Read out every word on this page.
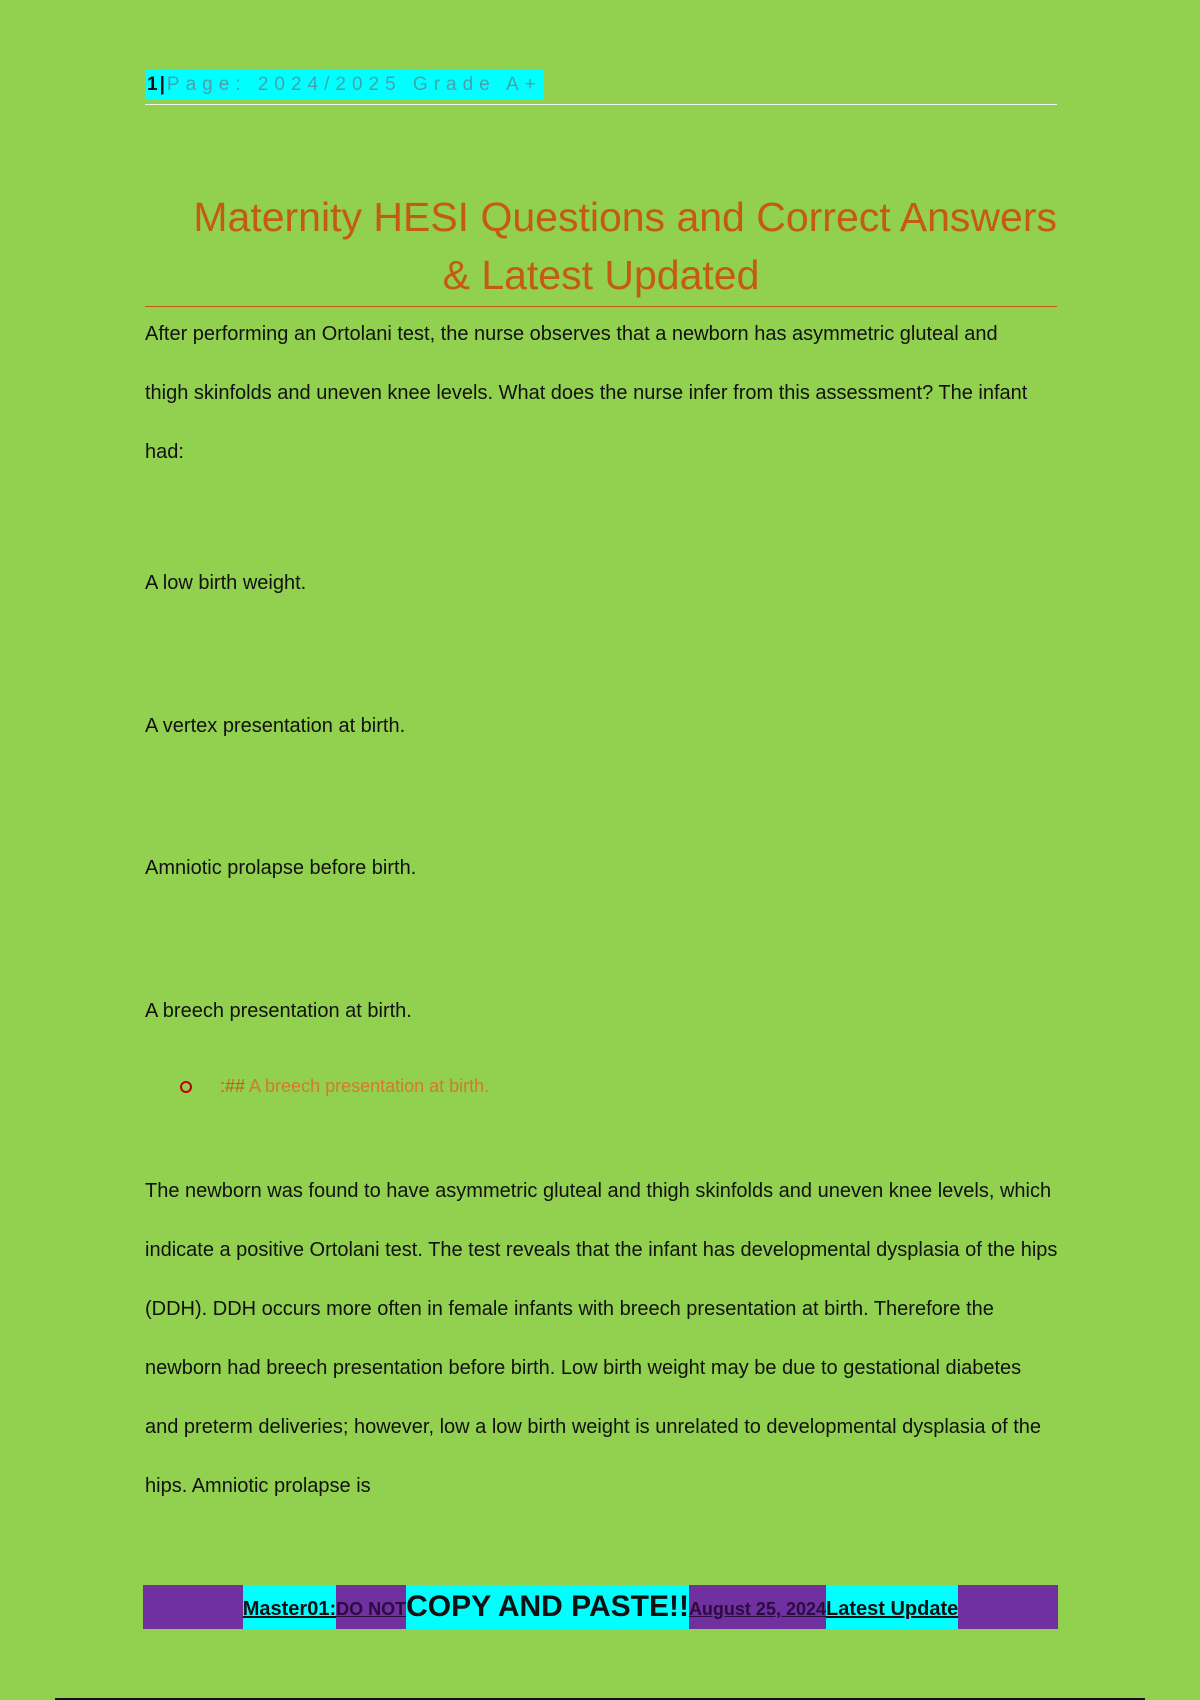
1|Page: 2024/2025 Grade A+
Maternity HESI Questions and Correct Answers
& Latest Updated
After performing an Ortolani test, the nurse observes that a newborn has asymmetric gluteal and thigh skinfolds and uneven knee levels. What does the nurse infer from this assessment? The infant had:
A low birth weight.
A vertex presentation at birth.
Amniotic prolapse before birth.
A breech presentation at birth.
:## A breech presentation at birth.
The newborn was found to have asymmetric gluteal and thigh skinfolds and uneven knee levels, which indicate a positive Ortolani test. The test reveals that the infant has developmental dysplasia of the hips (DDH). DDH occurs more often in female infants with breech presentation at birth. Therefore the newborn had breech presentation before birth. Low birth weight may be due to gestational diabetes and preterm deliveries; however, low a low birth weight is unrelated to developmental dysplasia of the hips. Amniotic prolapse is
Master01: DO NOT COPY AND PASTE!! August 25, 2024 Latest Update
